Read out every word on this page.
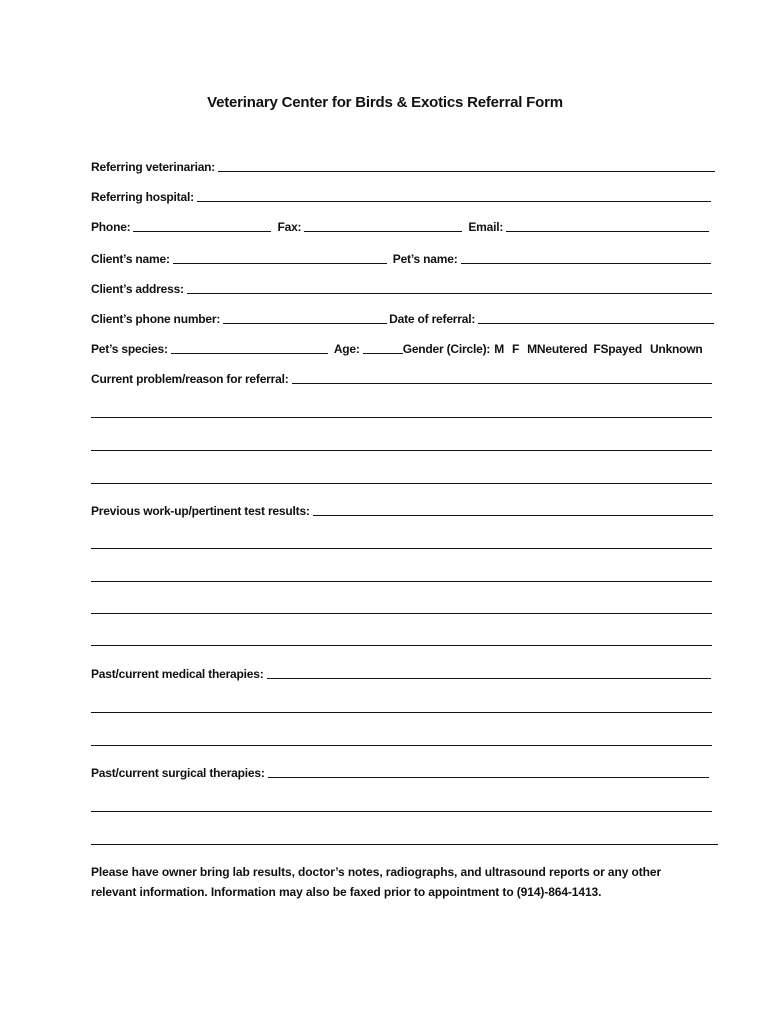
Veterinary Center for Birds & Exotics Referral Form
Referring veterinarian:
Referring hospital:
Phone:	Fax:	Email:
Client’s name:	Pet’s name:
Client’s address:
Client’s phone number:	Date of referral:
Pet’s species:	Age:	Gender (Circle): M F MNeutered FSpayed Unknown
Current problem/reason for referral:
Previous work-up/pertinent test results:
Past/current medical therapies:
Past/current surgical therapies:
Please have owner bring lab results, doctor’s notes, radiographs, and ultrasound reports or any other relevant information. Information may also be faxed prior to appointment to (914)-864-1413.
